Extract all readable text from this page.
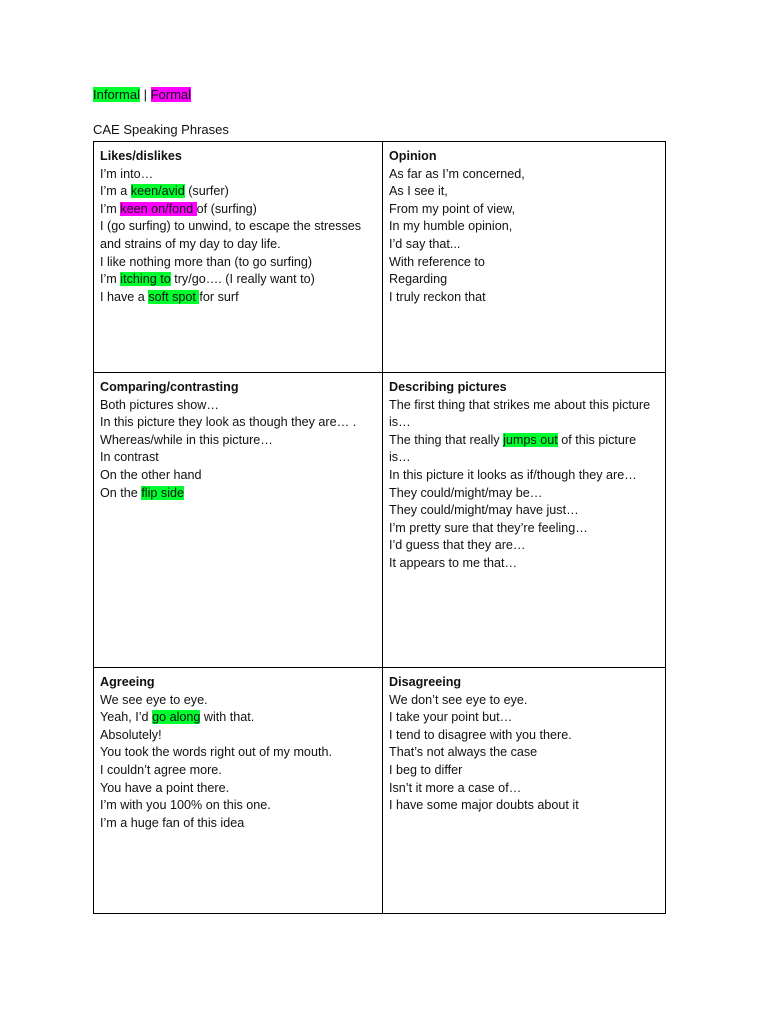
Informal | Formal
CAE Speaking Phrases
Likes/dislikes
I’m into…
I’m a keen/avid (surfer)
I’m keen on/fond of (surfing)
I (go surfing) to unwind, to escape the stresses and strains of my day to day life.
I like nothing more than (to go surfing)
I’m itching to try/go…. (I really want to)
I have a soft spot for surf
Opinion
As far as I’m concerned,
As I see it,
From my point of view,
In my humble opinion,
I’d say that...
With reference to
Regarding
I truly reckon that
Comparing/contrasting
Both pictures show…
In this picture they look as though they are… . Whereas/while in this picture…
In contrast
On the other hand
On the flip side
Describing pictures
The first thing that strikes me about this picture is…
The thing that really jumps out of this picture is…
In this picture it looks as if/though they are…
They could/might/may be…
They could/might/may have just…
I’m pretty sure that they’re feeling…
I’d guess that they are…
It appears to me that…
Agreeing
We see eye to eye.
Yeah, I’d go along with that.
Absolutely!
You took the words right out of my mouth.
I couldn’t agree more.
You have a point there.
I’m with you 100% on this one.
I’m a huge fan of this idea
Disagreeing
We don’t see eye to eye.
I take your point but…
I tend to disagree with you there.
That’s not always the case
I beg to differ
Isn’t it more a case of…
I have some major doubts about it
